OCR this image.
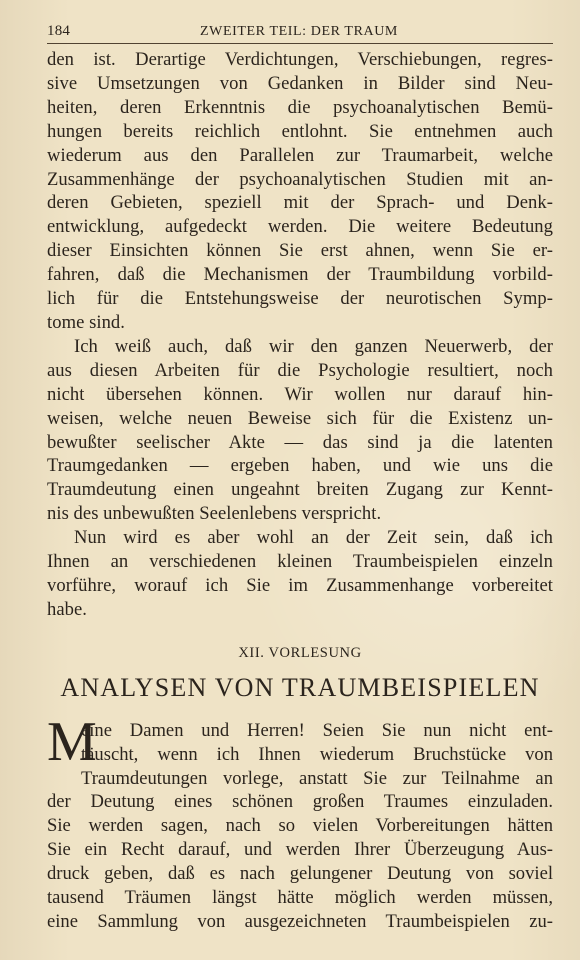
184	ZWEITER TEIL: DER TRAUM
den ist. Derartige Verdichtungen, Verschiebungen, regres-
sive Umsetzungen von Gedanken in Bilder sind Neu-
heiten, deren Erkenntnis die psychoanalytischen Bemü-
hungen bereits reichlich entlohnt. Sie entnehmen auch
wiederum aus den Parallelen zur Traumarbeit, welche
Zusammenhänge der psychoanalytischen Studien mit an-
deren Gebieten, speziell mit der Sprach- und Denk-
entwicklung, aufgedeckt werden. Die weitere Bedeutung
dieser Einsichten können Sie erst ahnen, wenn Sie er-
fahren, daß die Mechanismen der Traumbildung vorbild-
lich für die Entstehungsweise der neurotischen Symp-
tome sind.
Ich weiß auch, daß wir den ganzen Neuerwerb, der
aus diesen Arbeiten für die Psychologie resultiert, noch
nicht übersehen können. Wir wollen nur darauf hin-
weisen, welche neuen Beweise sich für die Existenz un-
bewußter seelischer Akte — das sind ja die latenten
Traumgedanken — ergeben haben, und wie uns die
Traumdeutung einen ungeahnt breiten Zugang zur Kennt-
nis des unbewußten Seelenlebens verspricht.
Nun wird es aber wohl an der Zeit sein, daß ich
Ihnen an verschiedenen kleinen Traumbeispielen einzeln
vorführe, worauf ich Sie im Zusammenhange vorbereitet
habe.
XII. VORLESUNG
ANALYSEN VON TRAUMBEISPIELEN
M
eine Damen und Herren! Seien Sie nun nicht ent-
täuscht, wenn ich Ihnen wiederum Bruchstücke von
Traumdeutungen vorlege, anstatt Sie zur Teilnahme an
der Deutung eines schönen großen Traumes einzuladen.
Sie werden sagen, nach so vielen Vorbereitungen hätten
Sie ein Recht darauf, und werden Ihrer Überzeugung Aus-
druck geben, daß es nach gelungener Deutung von soviel
tausend Träumen längst hätte möglich werden müssen,
eine Sammlung von ausgezeichneten Traumbeispielen zu-
